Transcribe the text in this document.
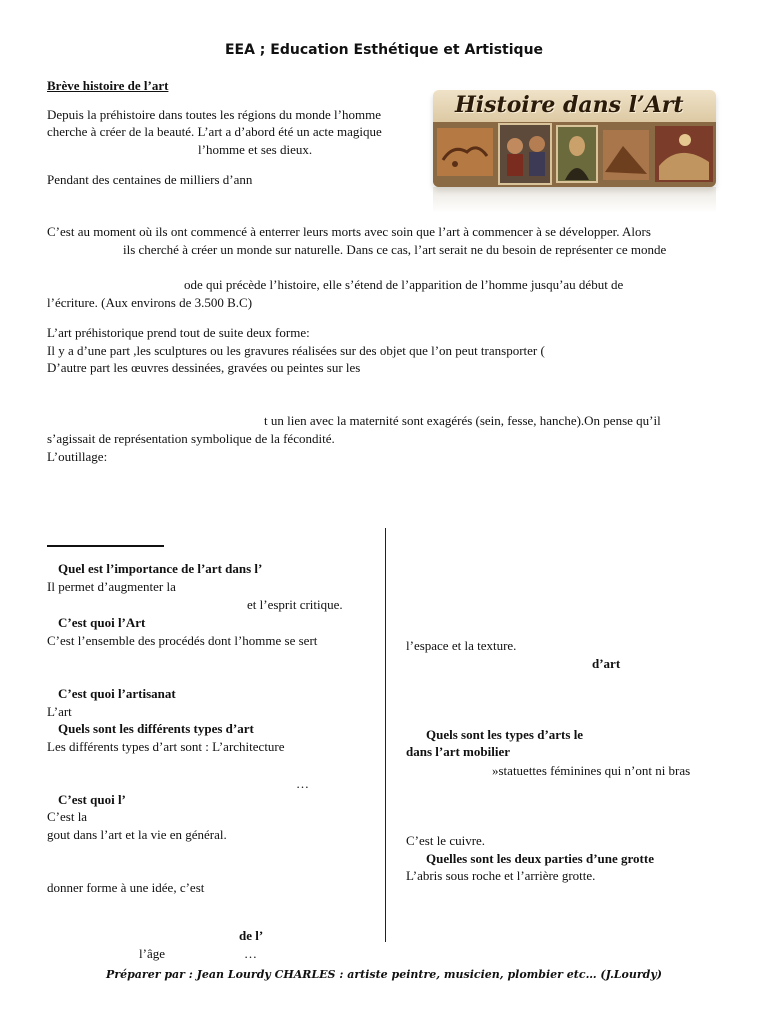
EEA ; Education Esthétique et Artistique
Brève histoire de l’art
Histoire dans l’Art
Depuis la préhistoire dans toutes les régions du monde l’homme
cherche à créer de la beauté. L’art a d’abord été un acte magique
l’homme et ses dieux.
Pendant des centaines de milliers d’ann
C’est au moment où ils ont commencé à enterrer leurs morts avec soin que l’art à commencer à se développer. Alors
ils cherché à créer un monde sur naturelle. Dans ce cas, l’art serait ne du besoin de représenter ce monde
ode qui précède l’histoire, elle s’étend de l’apparition de l’homme jusqu’au début de
l’écriture. (Aux environs de 3.500 B.C)
L’art préhistorique prend tout de suite deux forme:
Il y a d’une part ,les sculptures ou les gravures réalisées sur des objet que l’on peut transporter (
D’autre part les œuvres dessinées, gravées ou peintes sur les
t un lien avec la maternité sont exagérés (sein, fesse, hanche).On pense qu’il
s’agissait de représentation symbolique de la fécondité.
L’outillage:
Quel est l’importance de l’art dans l’
Il permet d’augmenter la
et l’esprit critique.
C’est quoi l’Art
C’est l’ensemble des procédés dont l’homme se sert
C’est quoi l’artisanat
L’art
Quels sont les différents types d’art
Les différents types d’art sont : L’architecture
…
C’est quoi l’
C’est la
gout dans l’art et la vie en général.
donner forme à une idée, c’est
de l’
l’âge	…
l’espace et la texture.
d’art
Quels sont les types d’arts le
dans l’art mobilier
»statuettes féminines qui n’ont ni bras
C’est le cuivre.
Quelles sont les deux parties d’une grotte
L’abris sous roche et l’arrière grotte.
Préparer par : Jean Lourdy CHARLES : artiste peintre, musicien, plombier etc… (J.Lourdy)
